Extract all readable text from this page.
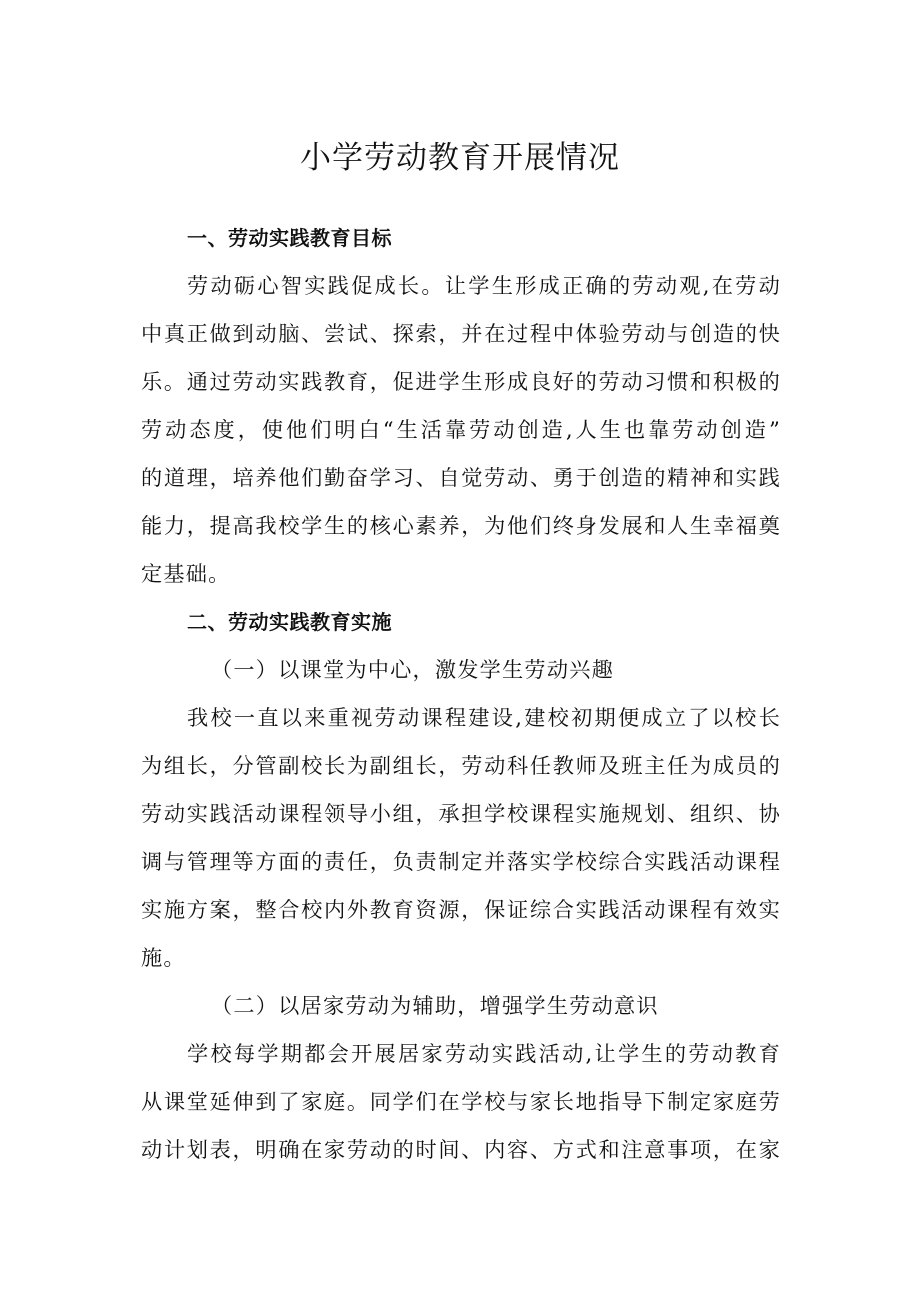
小学劳动教育开展情况
一、劳动实践教育目标
劳动砺心智实践促成长。让学生形成正确的劳动观,在劳动
中真正做到动脑、尝试、探索，并在过程中体验劳动与创造的快
乐。通过劳动实践教育，促进学生形成良好的劳动习惯和积极的
劳动态度，使他们明白“生活靠劳动创造,人生也靠劳动创造”
的道理，培养他们勤奋学习、自觉劳动、勇于创造的精神和实践
能力，提高我校学生的核心素养，为他们终身发展和人生幸福奠
定基础。
二、劳动实践教育实施
（一）以课堂为中心，激发学生劳动兴趣
我校一直以来重视劳动课程建设,建校初期便成立了以校长
为组长，分管副校长为副组长，劳动科任教师及班主任为成员的
劳动实践活动课程领导小组，承担学校课程实施规划、组织、协
调与管理等方面的责任，负责制定并落实学校综合实践活动课程
实施方案，整合校内外教育资源，保证综合实践活动课程有效实
施。
（二）以居家劳动为辅助，增强学生劳动意识
学校每学期都会开展居家劳动实践活动,让学生的劳动教育
从课堂延伸到了家庭。同学们在学校与家长地指导下制定家庭劳
动计划表，明确在家劳动的时间、内容、方式和注意事项，在家
